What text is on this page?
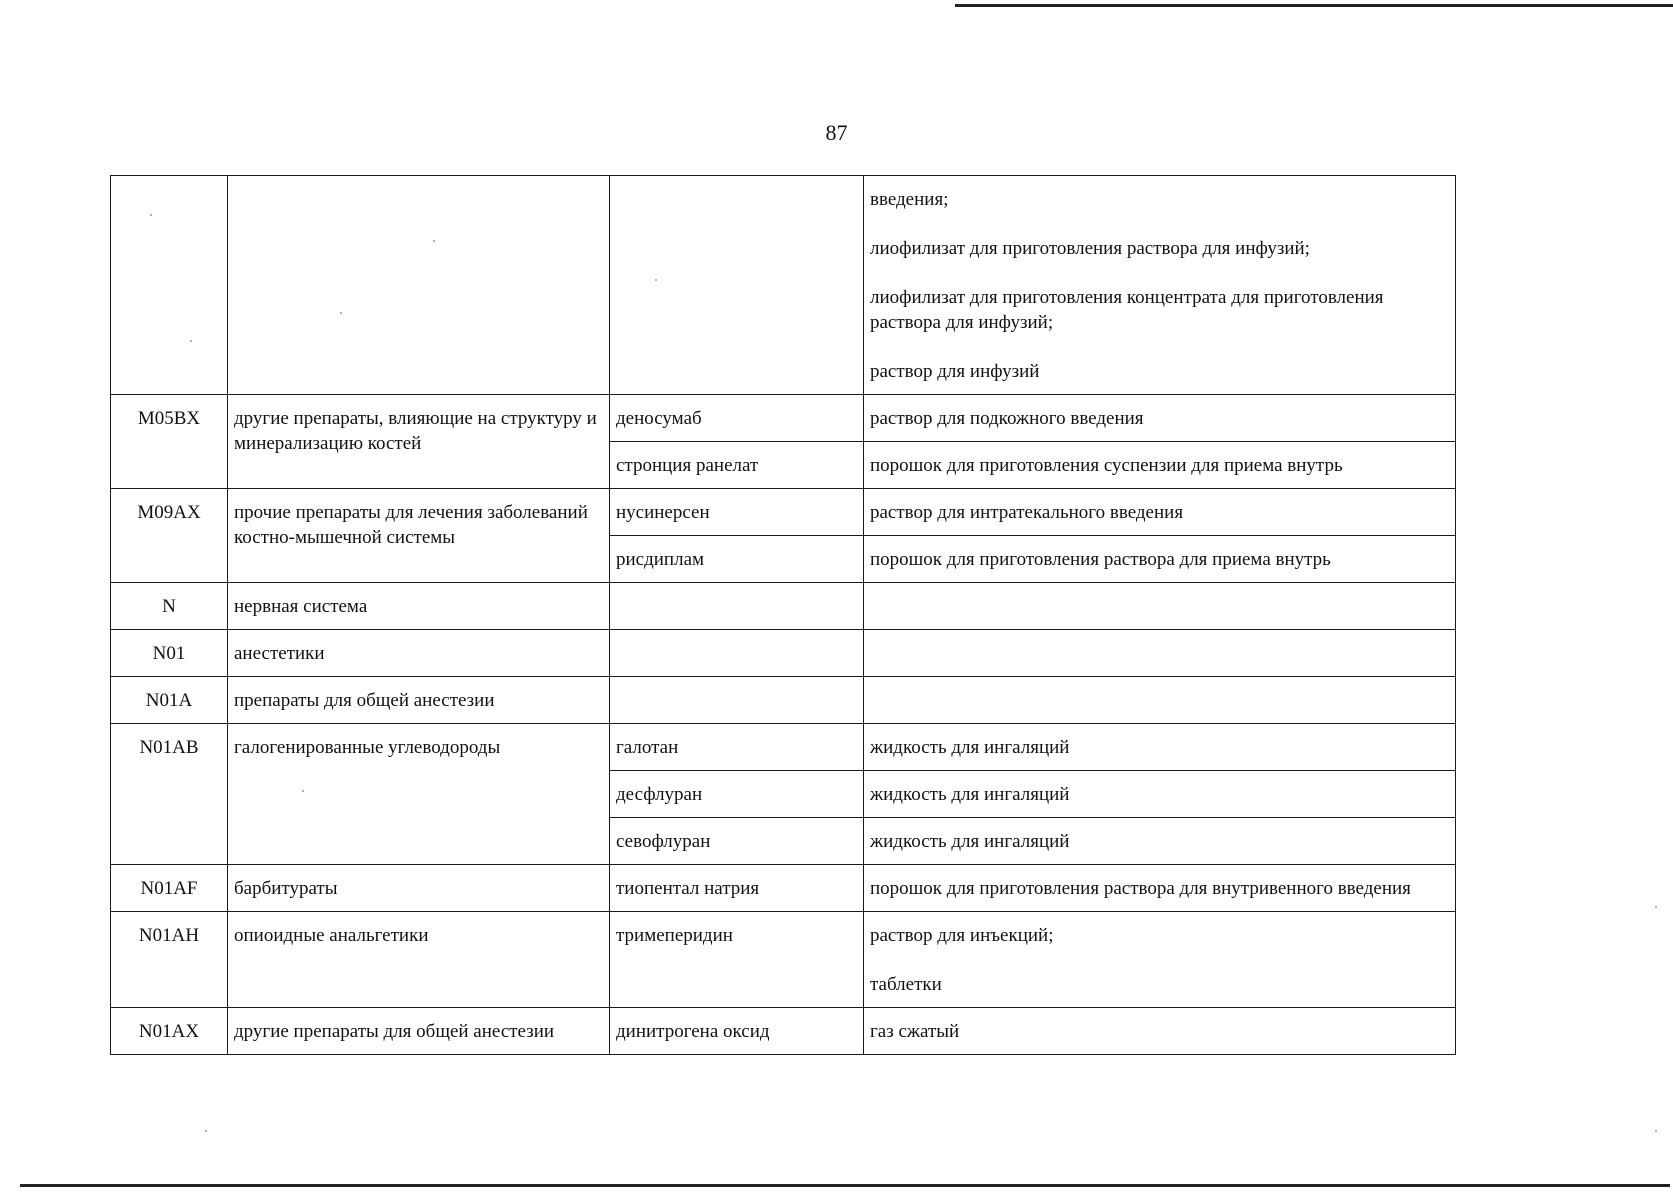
87

			введения;
лиофилизат для приготовления раствора для инфузий;
лиофилизат для приготовления концентрата для приготовления раствора для инфузий;
раствор для инфузий

M05BX	другие препараты, влияющие на структуру и минерализацию костей	деносумаб	раствор для подкожного введения

		стронция ранелат	порошок для приготовления суспензии для приема внутрь

M09AX	прочие препараты для лечения заболеваний костно-мышечной системы	нусинерсен	раствор для интратекального введения

		рисдиплам	порошок для приготовления раствора для приема внутрь

N	нервная система		

N01	анестетики		

N01A	препараты для общей анестезии		

N01AB	галогенированные углеводороды	галотан	жидкость для ингаляций

		десфлуран	жидкость для ингаляций

		севофлуран	жидкость для ингаляций

N01AF	барбитураты	тиопентал натрия	порошок для приготовления раствора для внутривенного введения

N01AH	опиоидные анальгетики	тримеперидин	раствор для инъекций;
таблетки

N01AX	другие препараты для общей анестезии	динитрогена оксид	газ сжатый
